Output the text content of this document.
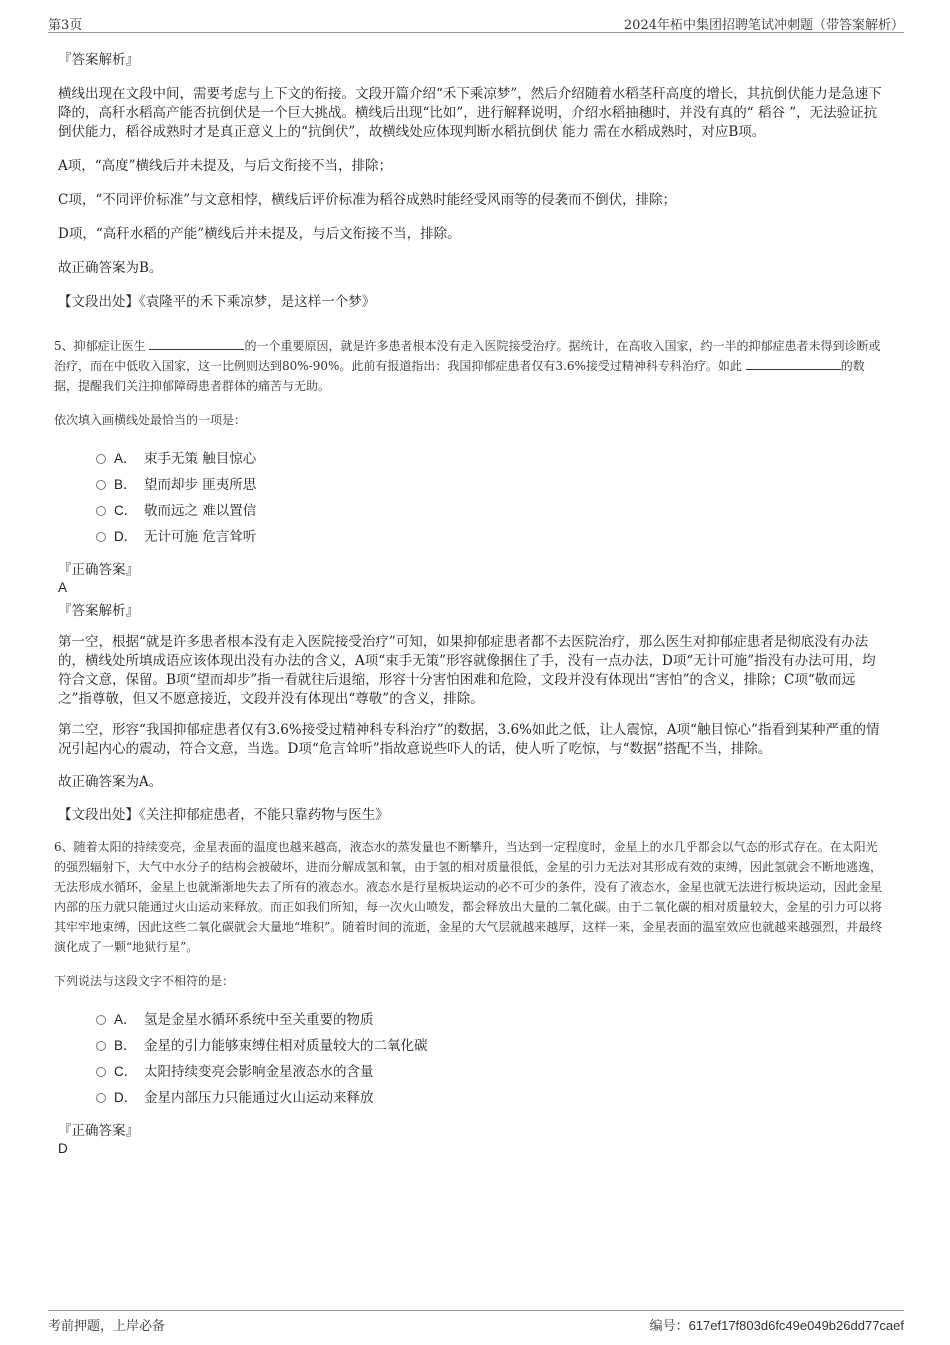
第3页	2024年柘中集团招聘笔试冲刺题（带答案解析）

『答案解析』

横线出现在文段中间，需要考虑与上下文的衔接。文段开篇介绍“禾下乘凉梦”，然后介绍随着水稻茎秆高度的增长，其抗倒伏能力是急速下降的，高秆水稻高产能否抗倒伏是一个巨大挑战。横线后出现“比如”，进行解释说明，介绍水稻抽穗时，并没有真的“ 稻谷 ”，无法验证抗倒伏能力，稻谷成熟时才是真正意义上的“抗倒伏”，故横线处应体现判断水稻抗倒伏 能力 需在水稻成熟时，对应B项。

A项，“高度”横线后并未提及，与后文衔接不当，排除；

C项，“不同评价标准”与文意相悖，横线后评价标准为稻谷成熟时能经受风雨等的侵袭而不倒伏，排除；

D项，“高秆水稻的产能”横线后并未提及，与后文衔接不当，排除。

故正确答案为B。

【文段出处】《袁隆平的禾下乘凉梦，是这样一个梦》

5、抑郁症让医生	的一个重要原因，就是许多患者根本没有走入医院接受治疗。据统计，在高收入国家，约一半的抑郁症患者未得到诊断或治疗，而在中低收入国家，这一比例则达到80%-90%。此前有报道指出：我国抑郁症患者仅有3.6%接受过精神科专科治疗。如此	的数据，提醒我们关注抑郁障碍患者群体的痛苦与无助。

依次填入画横线处最恰当的一项是：

A． 束手无策 触目惊心
B． 望而却步 匪夷所思
C． 敬而远之 难以置信
D． 无计可施 危言耸听

『正确答案』

A

『答案解析』

第一空，根据“就是许多患者根本没有走入医院接受治疗”可知，如果抑郁症患者都不去医院治疗，那么医生对抑郁症患者是彻底没有办法的，横线处所填成语应该体现出没有办法的含义，A项“束手无策”形容就像捆住了手，没有一点办法，D项“无计可施”指没有办法可用，均符合文意，保留。B项“望而却步”指一看就往后退缩，形容十分害怕困难和危险，文段并没有体现出“害怕”的含义，排除；C项“敬而远之”指尊敬，但又不愿意接近，文段并没有体现出“尊敬”的含义，排除。

第二空，形容“我国抑郁症患者仅有3.6%接受过精神科专科治疗”的数据，3.6%如此之低，让人震惊，A项“触目惊心”指看到某种严重的情况引起内心的震动，符合文意，当选。D项“危言耸听”指故意说些吓人的话，使人听了吃惊，与“数据”搭配不当，排除。

故正确答案为A。

【文段出处】《关注抑郁症患者，不能只靠药物与医生》

6、随着太阳的持续变亮，金星表面的温度也越来越高，液态水的蒸发量也不断攀升，当达到一定程度时，金星上的水几乎都会以气态的形式存在。在太阳光的强烈辐射下，大气中水分子的结构会被破坏，进而分解成氢和氧，由于氢的相对质量很低，金星的引力无法对其形成有效的束缚，因此氢就会不断地逃逸，无法形成水循环，金星上也就渐渐地失去了所有的液态水。液态水是行星板块运动的必不可少的条件，没有了液态水，金星也就无法进行板块运动，因此金星内部的压力就只能通过火山运动来释放。而正如我们所知，每一次火山喷发，都会释放出大量的二氧化碳。由于二氧化碳的相对质量较大，金星的引力可以将其牢牢地束缚，因此这些二氧化碳就会大量地“堆积”。随着时间的流逝，金星的大气层就越来越厚，这样一来，金星表面的温室效应也就越来越强烈，并最终演化成了一颗“地狱行星”。

下列说法与这段文字不相符的是：

A． 氢是金星水循环系统中至关重要的物质
B． 金星的引力能够束缚住相对质量较大的二氧化碳
C． 太阳持续变亮会影响金星液态水的含量
D． 金星内部压力只能通过火山运动来释放

『正确答案』

D

考前押题，上岸必备	编号：617ef17f803d6fc49e049b26dd77caef
